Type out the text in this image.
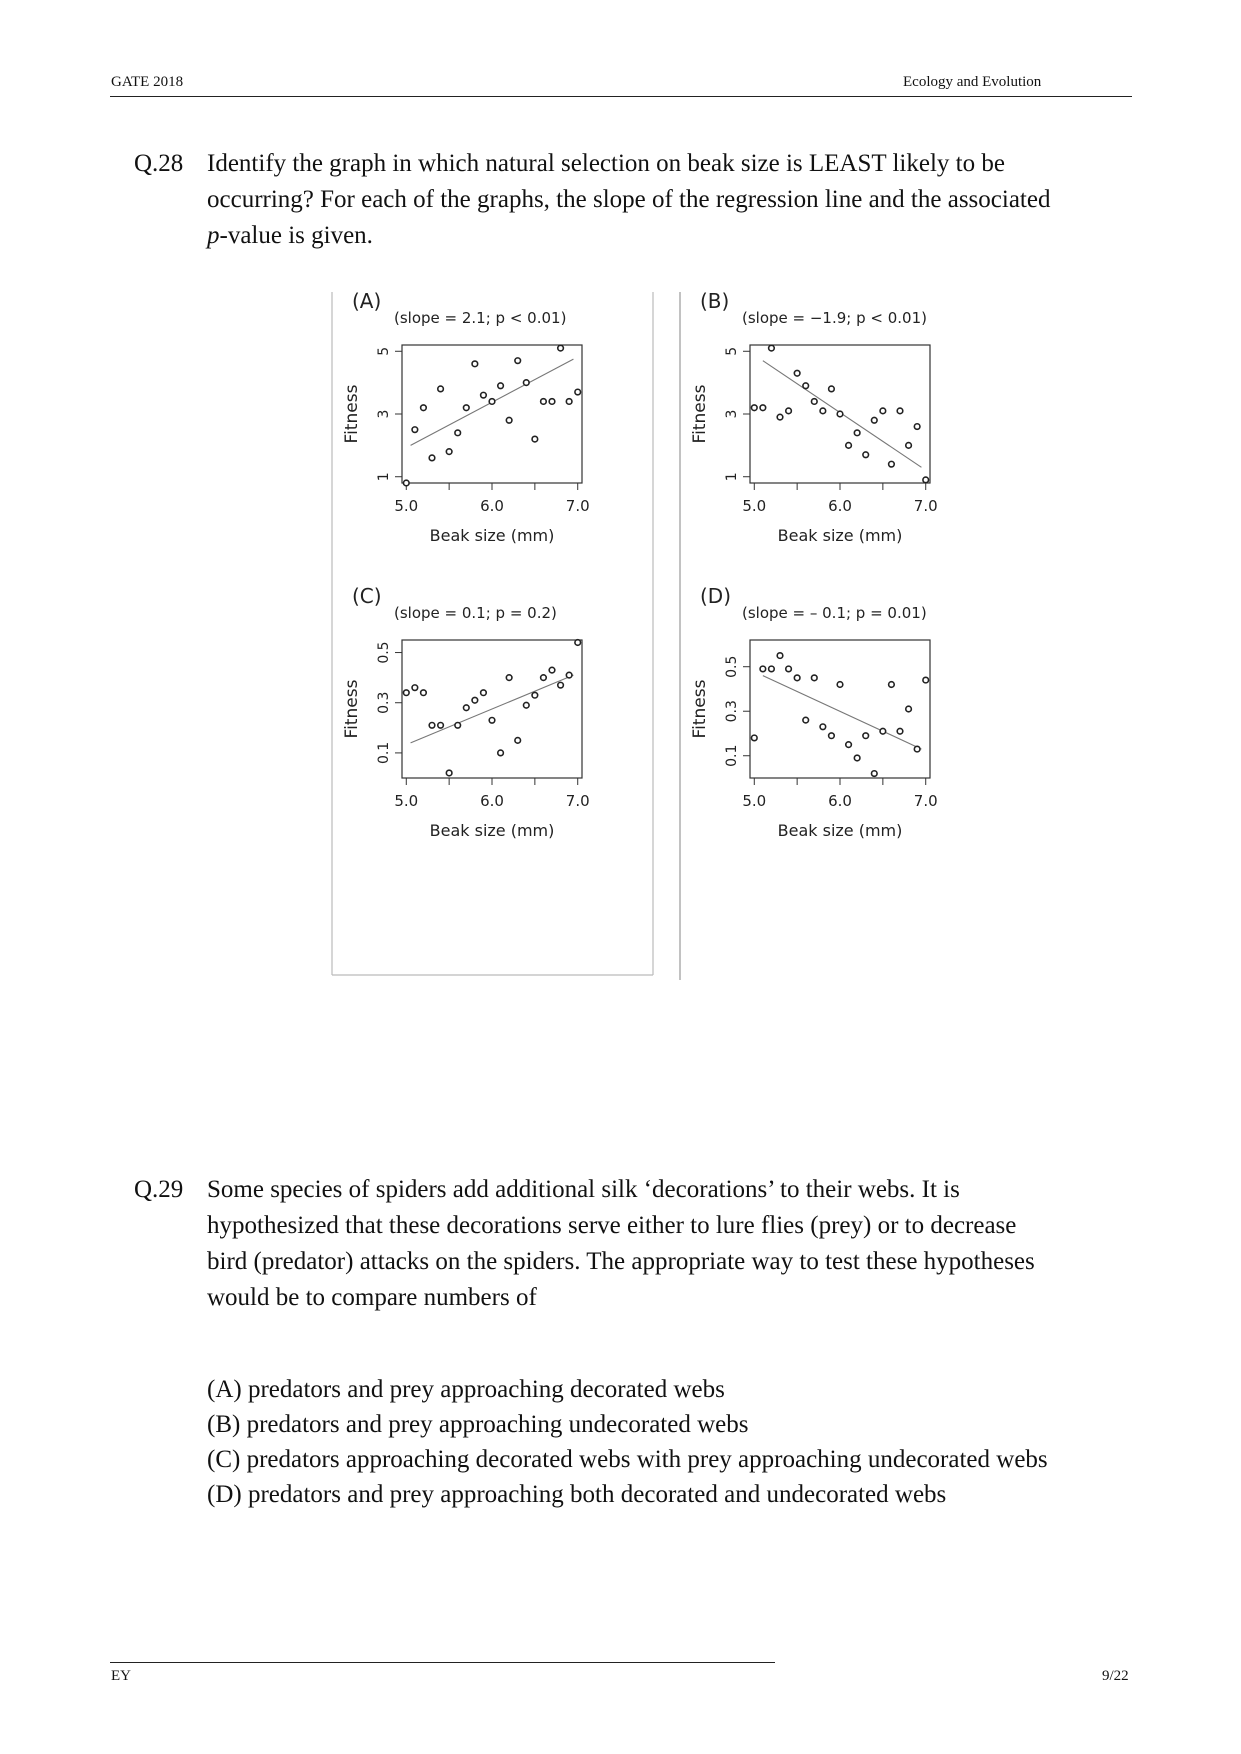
GATE 2018	Ecology and Evolution
Q.28 Identify the graph in which natural selection on beak size is LEAST likely to be
occurring? For each of the graphs, the slope of the regression line and the associated
p-value is given.
(A)
(slope = 2.1; p < 0.01)
1
3
5
5.0	6.0	7.0
Fitness
Beak size (mm)
(B)
(slope = −1.9; p < 0.01)
1
3
5
5.0	6.0	7.0
Fitness
Beak size (mm)
(C)
(slope = 0.1; p = 0.2)
0.1
0.3
0.5
5.0	6.0	7.0
Fitness
Beak size (mm)
(D)
(slope = – 0.1; p = 0.01)
0.1
0.3
0.5
5.0	6.0	7.0
Fitness
Beak size (mm)
Q.29 Some species of spiders add additional silk ‘decorations’ to their webs. It is
hypothesized that these decorations serve either to lure flies (prey) or to decrease
bird (predator) attacks on the spiders. The appropriate way to test these hypotheses
would be to compare numbers of
(A) predators and prey approaching decorated webs
(B) predators and prey approaching undecorated webs
(C) predators approaching decorated webs with prey approaching undecorated webs
(D) predators and prey approaching both decorated and undecorated webs
EY	9/22
